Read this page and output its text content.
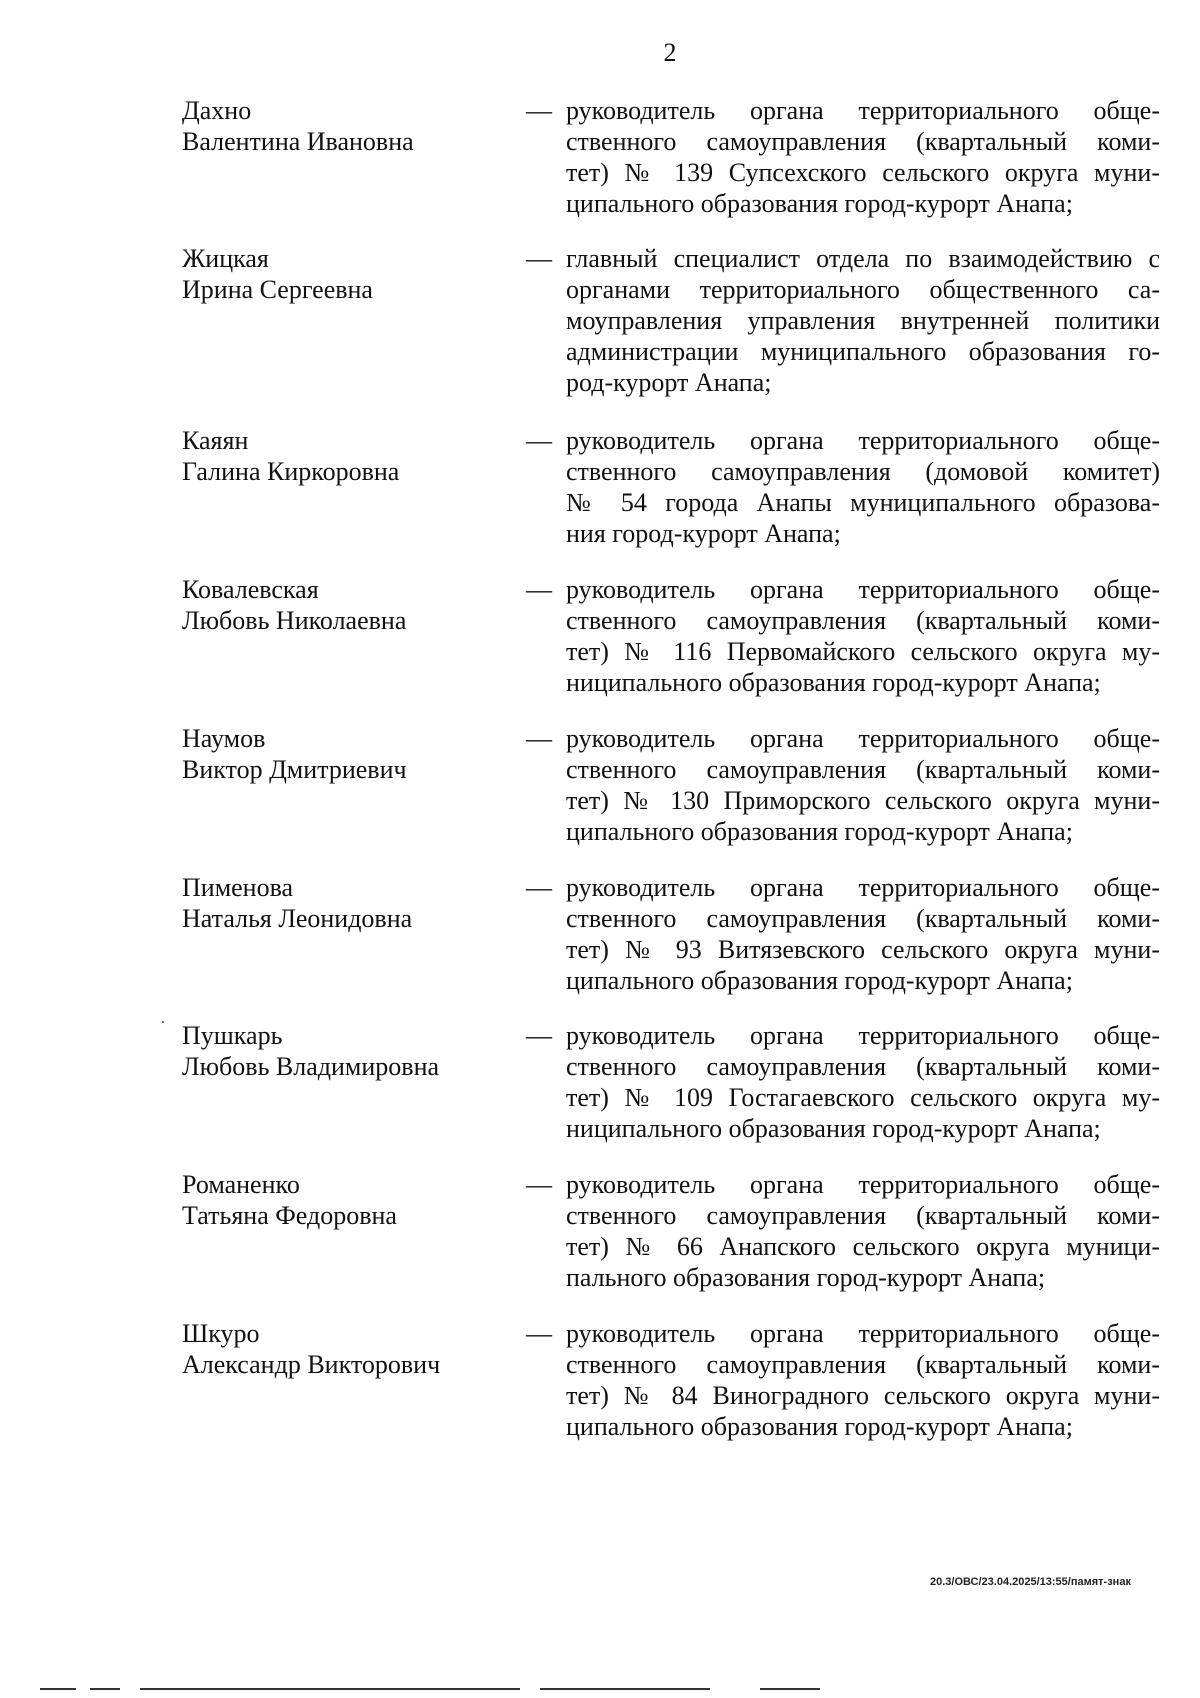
2
Дахно
Валентина Ивановна
— руководитель органа территориального обще-
ственного самоуправления (квартальный коми-
тет) № 139 Супсехского сельского округа муни-
ципального образования город-курорт Анапа;
Жицкая
Ирина Сергеевна
— главный специалист отдела по взаимодействию с
органами территориального общественного са-
моуправления управления внутренней политики
администрации муниципального образования го-
род-курорт Анапа;
Каяян
Галина Киркоровна
— руководитель органа территориального обще-
ственного самоуправления (домовой комитет)
№ 54 города Анапы муниципального образова-
ния город-курорт Анапа;
Ковалевская
Любовь Николаевна
— руководитель органа территориального обще-
ственного самоуправления (квартальный коми-
тет) № 116 Первомайского сельского округа му-
ниципального образования город-курорт Анапа;
Наумов
Виктор Дмитриевич
— руководитель органа территориального обще-
ственного самоуправления (квартальный коми-
тет) № 130 Приморского сельского округа муни-
ципального образования город-курорт Анапа;
Пименова
Наталья Леонидовна
— руководитель органа территориального обще-
ственного самоуправления (квартальный коми-
тет) № 93 Витязевского сельского округа муни-
ципального образования город-курорт Анапа;
Пушкарь
Любовь Владимировна
— руководитель органа территориального обще-
ственного самоуправления (квартальный коми-
тет) № 109 Гостагаевского сельского округа му-
ниципального образования город-курорт Анапа;
Романенко
Татьяна Федоровна
— руководитель органа территориального обще-
ственного самоуправления (квартальный коми-
тет) № 66 Анапского сельского округа муници-
пального образования город-курорт Анапа;
Шкуро
Александр Викторович
— руководитель органа территориального обще-
ственного самоуправления (квартальный коми-
тет) № 84 Виноградного сельского округа муни-
ципального образования город-курорт Анапа;
20.3/ОВС/23.04.2025/13:55/памят-знак
